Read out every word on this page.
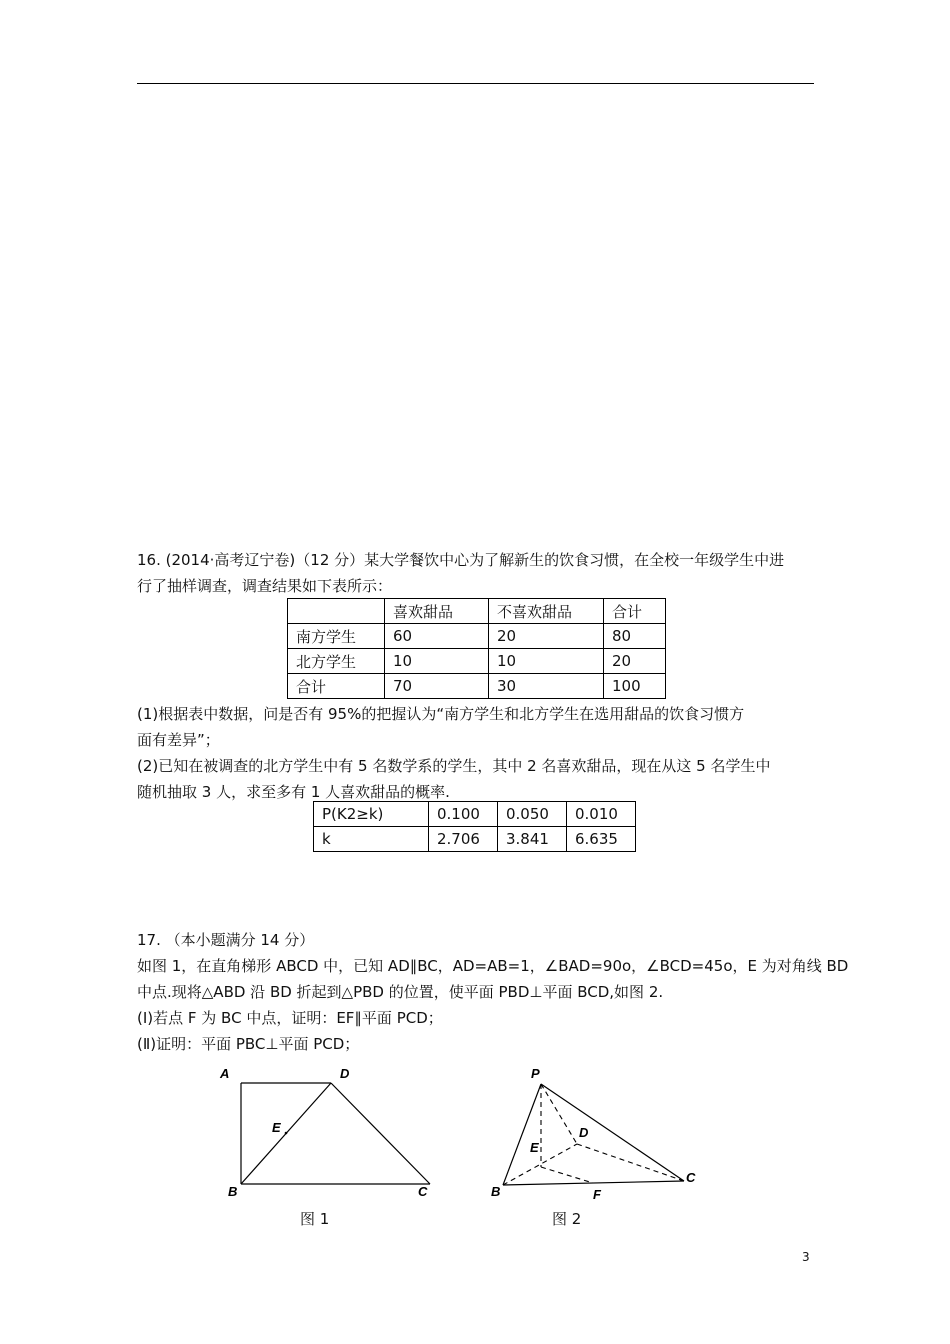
16. (2014·高考辽宁卷)（12 分）某大学餐饮中心为了解新生的饮食习惯，在全校一年级学生中进
行了抽样调查，调查结果如下表所示：
	喜欢甜品	不喜欢甜品	合计
南方学生	60	20	80
北方学生	10	10	20
合计	70	30	100
(1)根据表中数据，问是否有 95%的把握认为“南方学生和北方学生在选用甜品的饮食习惯方
面有差异”；
(2)已知在被调查的北方学生中有 5 名数学系的学生，其中 2 名喜欢甜品，现在从这 5 名学生中
随机抽取 3 人，求至多有 1 人喜欢甜品的概率.
P(K2≥k)	0.100	0.050	0.010
k	2.706	3.841	6.635
17. （本小题满分 14 分）
如图 1，在直角梯形 ABCD 中，已知 AD∥BC，AD=AB=1，∠BAD=90o，∠BCD=45o，E 为对角线 BD
中点.现将△ABD 沿 BD 折起到△PBD 的位置，使平面 PBD⊥平面 BCD,如图 2.
(Ⅰ)若点 F 为 BC 中点，证明：EF∥平面 PCD；
(Ⅱ)证明：平面 PBC⊥平面 PCD；
A	D
E
B	C
图 1
P
D
E
B	F
C
图 2
3
